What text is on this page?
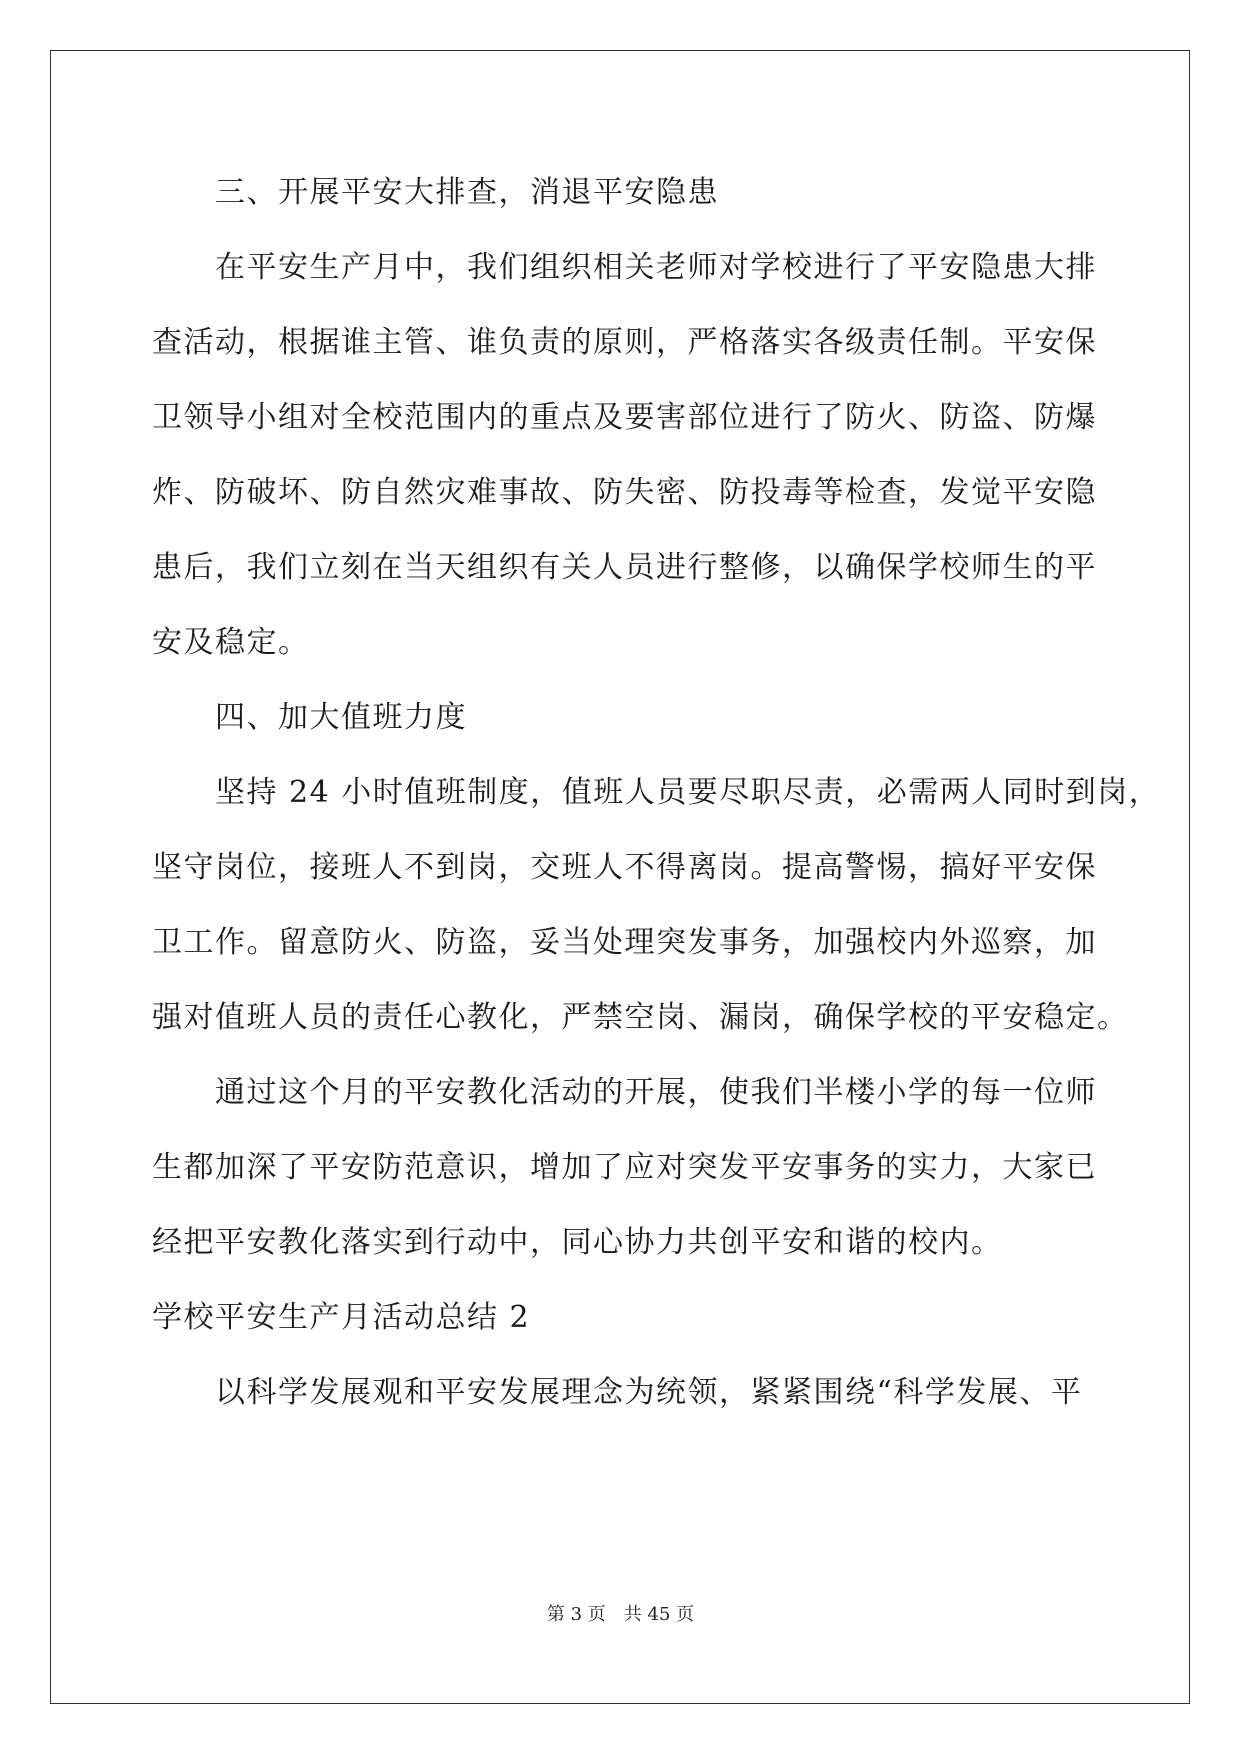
三、开展平安大排查，消退平安隐患
在平安生产月中，我们组织相关老师对学校进行了平安隐患大排
查活动，根据谁主管、谁负责的原则，严格落实各级责任制。平安保
卫领导小组对全校范围内的重点及要害部位进行了防火、防盗、防爆
炸、防破坏、防自然灾难事故、防失密、防投毒等检查，发觉平安隐
患后，我们立刻在当天组织有关人员进行整修，以确保学校师生的平
安及稳定。
四、加大值班力度
坚持 24 小时值班制度，值班人员要尽职尽责，必需两人同时到岗，
坚守岗位，接班人不到岗，交班人不得离岗。提高警惕，搞好平安保
卫工作。留意防火、防盗，妥当处理突发事务，加强校内外巡察，加
强对值班人员的责任心教化，严禁空岗、漏岗，确保学校的平安稳定。
通过这个月的平安教化活动的开展，使我们半楼小学的每一位师
生都加深了平安防范意识，增加了应对突发平安事务的实力，大家已
经把平安教化落实到行动中，同心协力共创平安和谐的校内。
学校平安生产月活动总结 2
以科学发展观和平安发展理念为统领，紧紧围绕“科学发展、平
第 3 页　共 45 页
